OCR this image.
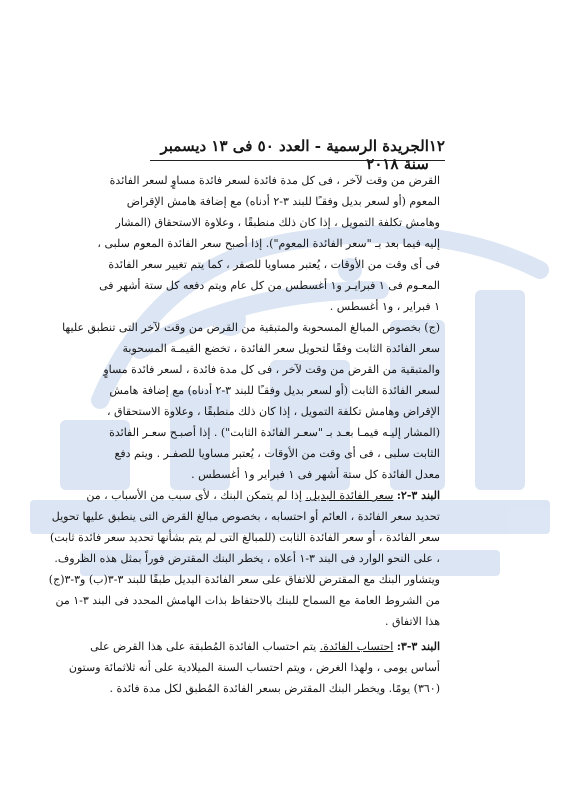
١٢
الجريدة الرسمية - العدد ٥٠ فى ١٣ ديسمبر سنة ٢٠١٨
القرض من وقت لآخر ، فى كل مدة فائدة لسعر فائدة مساوٍ لسعر الفائدة
المعوم (أو لسعر بديل وفقـًا للبند ٣-٢ أدناه) مع إضافة هامش الإقراض
وهامش تكلفة التمويل ، إذا كان ذلك منطبقًا ، وعلاوة الاستحقاق (المشار
إليه فيما بعد بـ "سعر الفائدة المعوم"). إذا أصبح سعر الفائدة المعوم سلبى ،
فى أى وقت من الأوقات ، يُعتبر مساويا للصفر ، كما يتم تغيير سعر الفائدة
المعـوم فى ١ فبرايـر و١ أغسطس من كل عام ويتم دفعه كل ستة أشهر فى
١ فبراير ، و١ أغسطس .
(ج) بخصوص المبالغ المسحوبة والمتبقية من القرض من وقت لآخر التى تنطبق عليها
سعر الفائدة الثابت وفقًا لتحويل سعر الفائدة ، تخضع القيمـة المسحوبة
والمتبقية من القرض من وقت لآخر ، فى كل مدة فائدة ، لسعر فائدة مساوٍ
لسعر الفائدة الثابت (أو لسعر بديل وفقـًا للبند ٣-٢ أدناه) مع إضافة هامش
الإقراض وهامش تكلفة التمويل ، إذا كان ذلك منطبقًا ، وعلاوة الاستحقاق ،
(المشار إليـه فيمـا بعـد بـ "سعـر الفائدة الثابت") . إذا أصبـح سعـر الفائدة
الثابت سلبى ، فى أى وقت من الأوقات ، يُعتبر مساويا للصفـر . ويتم دفع
معدل الفائدة كل ستة أشهر فى ١ فبراير و١ أغسطس .
البند ٣-٢: سعر الفائدة البديل. إذا لم يتمكن البنك ، لأى سبب من الأسباب ، من
تحديد سعر الفائدة ، العائم أو احتسابه ، بخصوص مبالغ القرض التى ينطبق عليها تحويل
سعر الفائدة ، أو سعر الفائدة الثابت (للمبالغ التى لم يتم بشأنها تحديد سعر فائدة ثابت)
، على النحو الوارد فى البند ٣-١ أعلاه ، يخطر البنك المقترض فوراً بمثل هذه الظروف.
ويتشاور البنك مع المقترض للاتفاق على سعر الفائدة البديل طبقًا للبند ٣-٣(ب) و٣-٣(ج)
من الشروط العامة مع السماح للبنك بالاحتفاظ بذات الهامش المحدد فى البند ٣-١ من
هذا الاتفاق .
البند ٣-٣: احتساب الفائدة. يتم احتساب الفائدة المُطبقة على هذا القرض على
أساس يومى ، ولهذا الغرض ، ويتم احتساب السنة الميلادية على أنه ثلاثمائة وستون
(٣٦٠) يومًا. ويخطر البنك المقترض بسعر الفائدة المُطبق لكل مدة فائدة .
